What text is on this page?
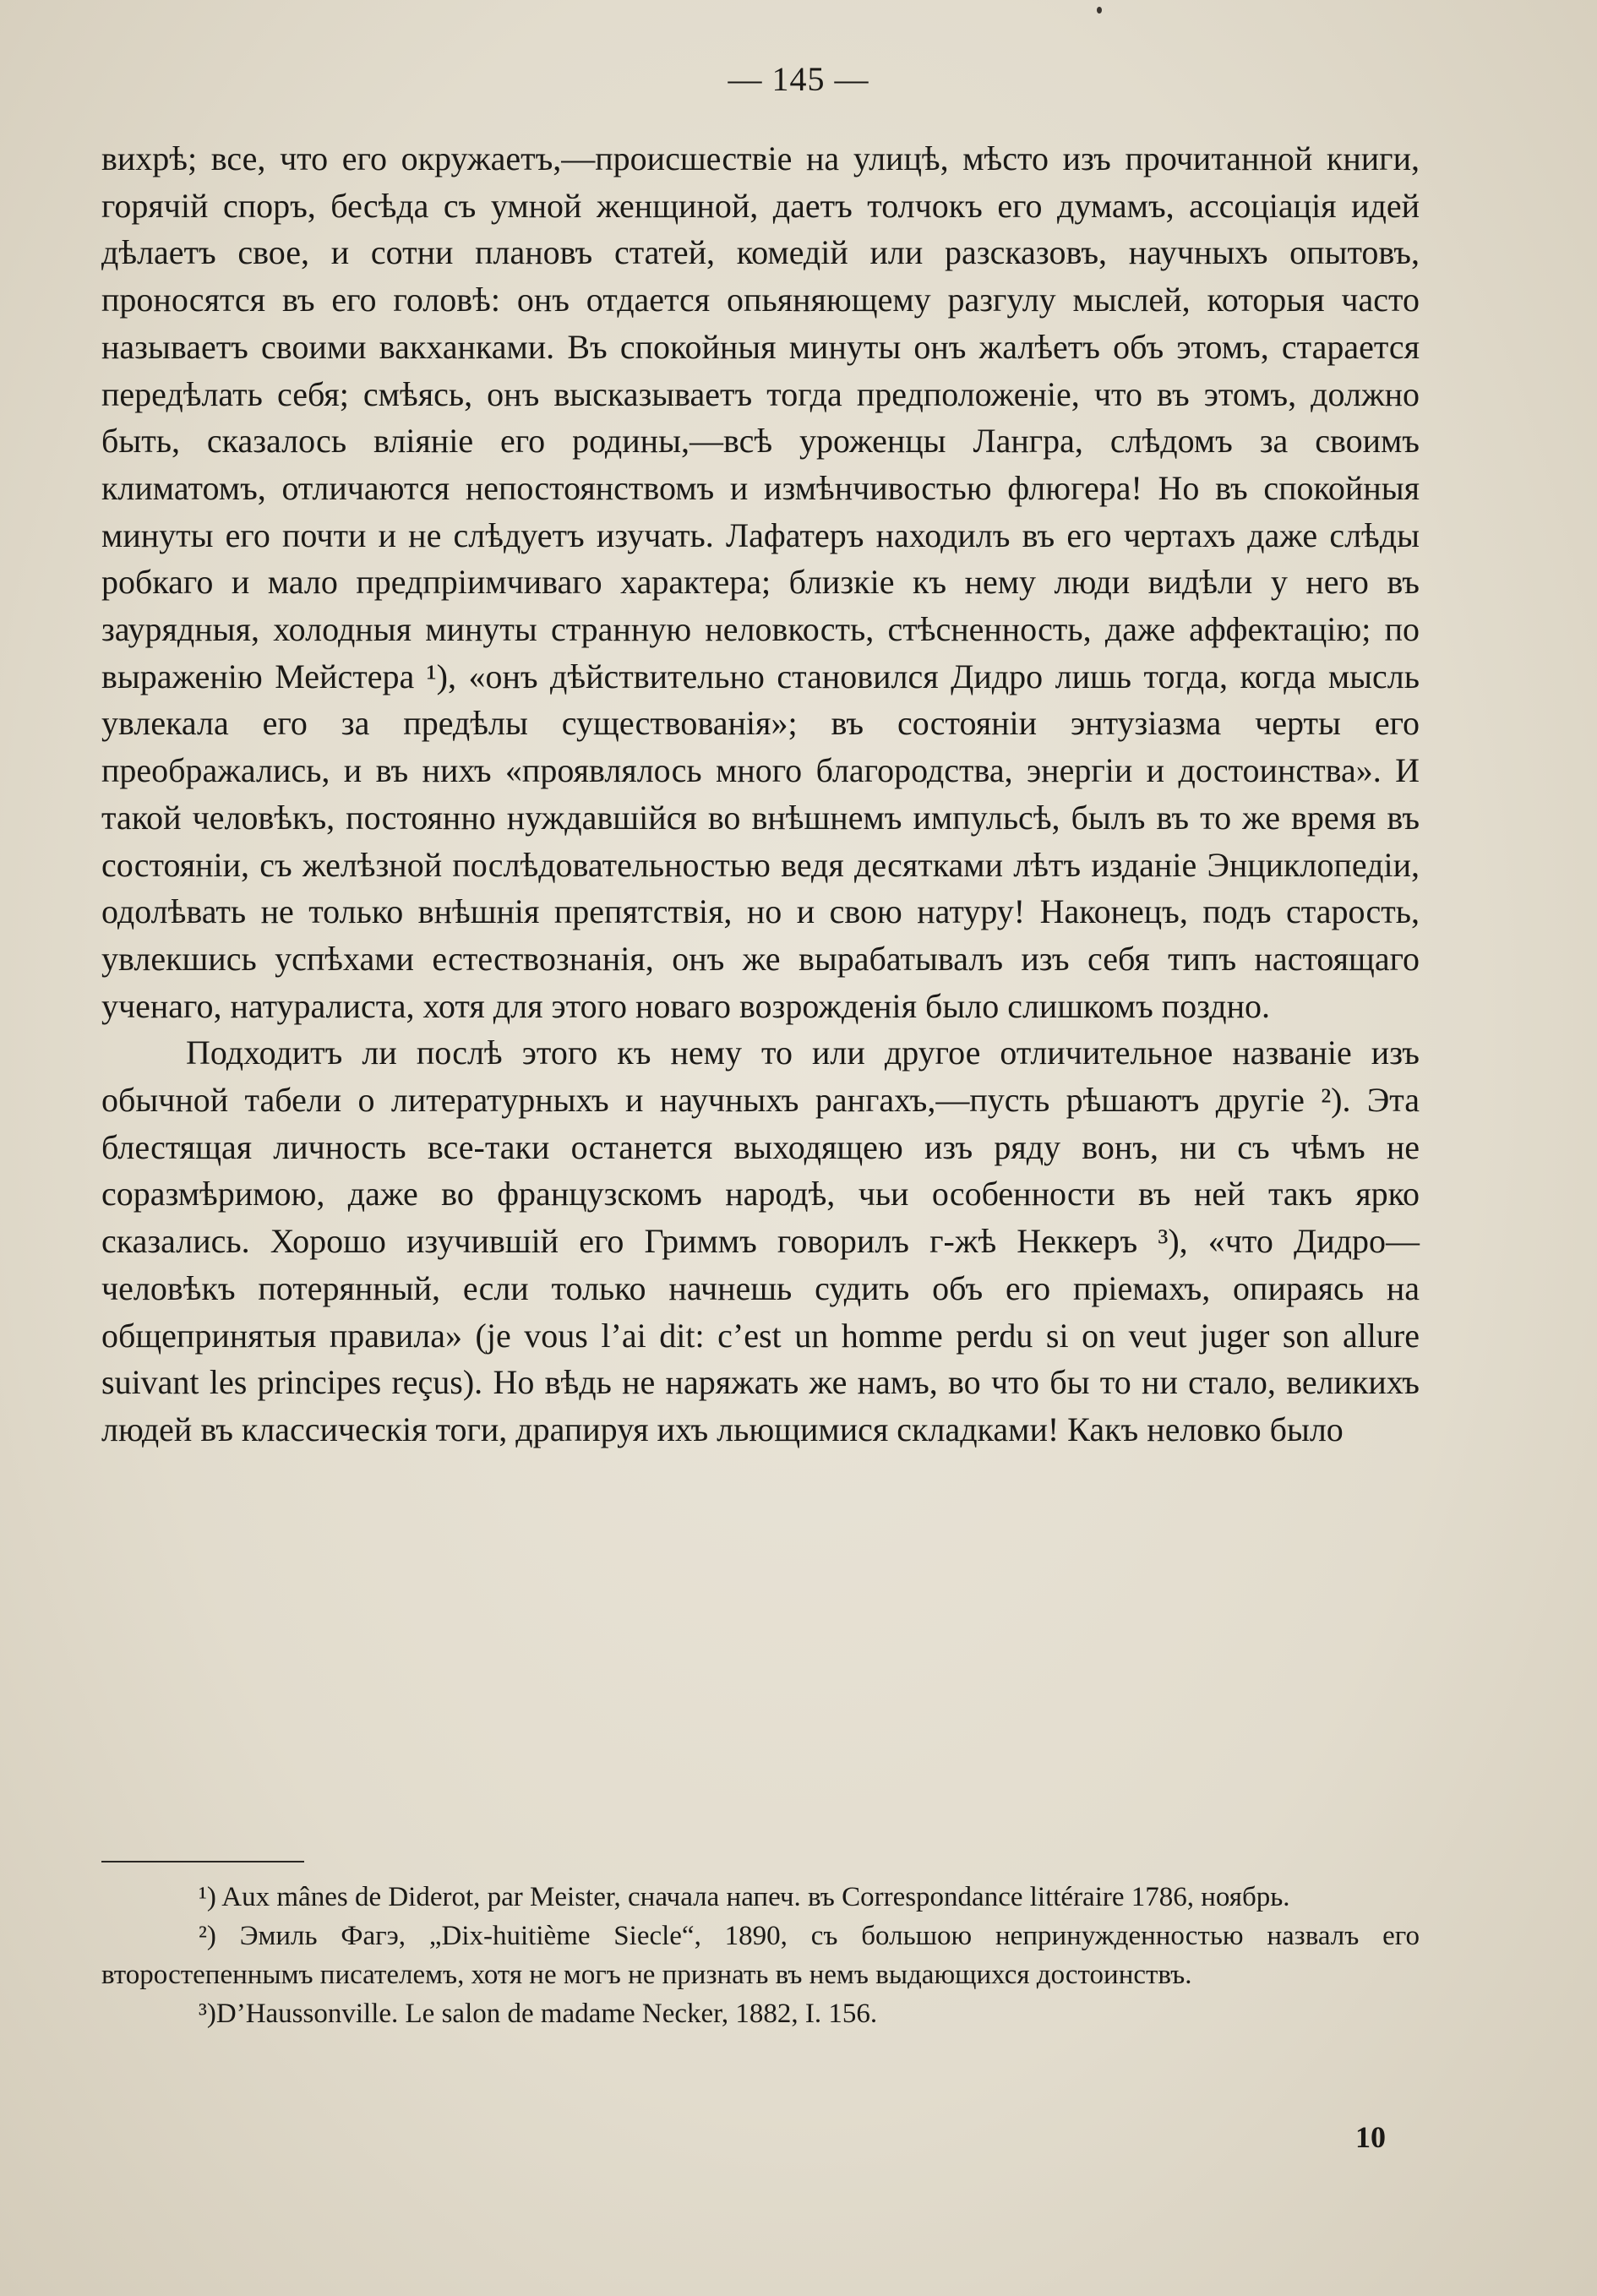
— 145 —

вихрѣ; все, что его окружаетъ,—происшествіе на улицѣ, мѣсто изъ прочитанной книги, горячій споръ, бесѣда съ умной женщиной, даетъ толчокъ его думамъ, ассоціація идей дѣлаетъ свое, и сотни плановъ статей, комедій или разсказовъ, научныхъ опытовъ, проносятся въ его головѣ: онъ отдается опьяняющему разгулу мыслей, которыя часто называетъ своими вакханками. Въ спокойныя минуты онъ жалѣетъ объ этомъ, старается передѣлать себя; смѣясь, онъ высказываетъ тогда предположеніе, что въ этомъ, должно быть, сказалось вліяніе его родины,—всѣ уроженцы Лангра, слѣдомъ за своимъ климатомъ, отличаются непостоянствомъ и измѣнчивостью флюгера! Но въ спокойныя минуты его почти и не слѣдуетъ изучать. Лафатеръ находилъ въ его чертахъ даже слѣды робкаго и мало предпріимчиваго характера; близкіе къ нему люди видѣли у него въ заурядныя, холодныя минуты странную неловкость, стѣсненность, даже аффектацію; по выраженію Мейстера ¹), «онъ дѣйствительно становился Дидро лишь тогда, когда мысль увлекала его за предѣлы существованія»; въ состояніи энтузіазма черты его преображались, и въ нихъ «проявлялось много благородства, энергіи и достоинства». И такой человѣкъ, постоянно нуждавшійся во внѣшнемъ импульсѣ, былъ въ то же время въ состояніи, съ желѣзной послѣдовательностью ведя десятками лѣтъ изданіе Энциклопедіи, одолѣвать не только внѣшнія препятствія, но и свою натуру! Наконецъ, подъ старость, увлекшись успѣхами естествознанія, онъ же вырабатывалъ изъ себя типъ настоящаго ученаго, натуралиста, хотя для этого новаго возрожденія было слишкомъ поздно.

Подходитъ ли послѣ этого къ нему то или другое отличительное названіе изъ обычной табели о литературныхъ и научныхъ рангахъ,—пусть рѣшаютъ другіе ²). Эта блестящая личность все-таки останется выходящею изъ ряду вонъ, ни съ чѣмъ не соразмѣримою, даже во французскомъ народѣ, чьи особенности въ ней такъ ярко сказались. Хорошо изучившій его Гриммъ говорилъ г-жѣ Неккеръ ³), «что Дидро—человѣкъ потерянный, если только начнешь судить объ его пріемахъ, опираясь на общепринятыя правила» (je vous l’ai dit: c’est un homme perdu si on veut juger son allure suivant les principes reçus). Но вѣдь не наряжать же намъ, во что бы то ни стало, великихъ людей въ классическія тоги, драпируя ихъ льющимися складками! Какъ неловко было

¹) Aux mânes de Diderot, par Meister, сначала напеч. въ Correspondance littéraire 1786, ноябрь.

²) Эмиль Фагэ, „Dix-huitième Siecle“, 1890, съ большою непринужденностью назвалъ его второстепеннымъ писателемъ, хотя не могъ не признать въ немъ выдающихся достоинствъ.

³)D’Haussonville. Le salon de madame Necker, 1882, I. 156.

10
